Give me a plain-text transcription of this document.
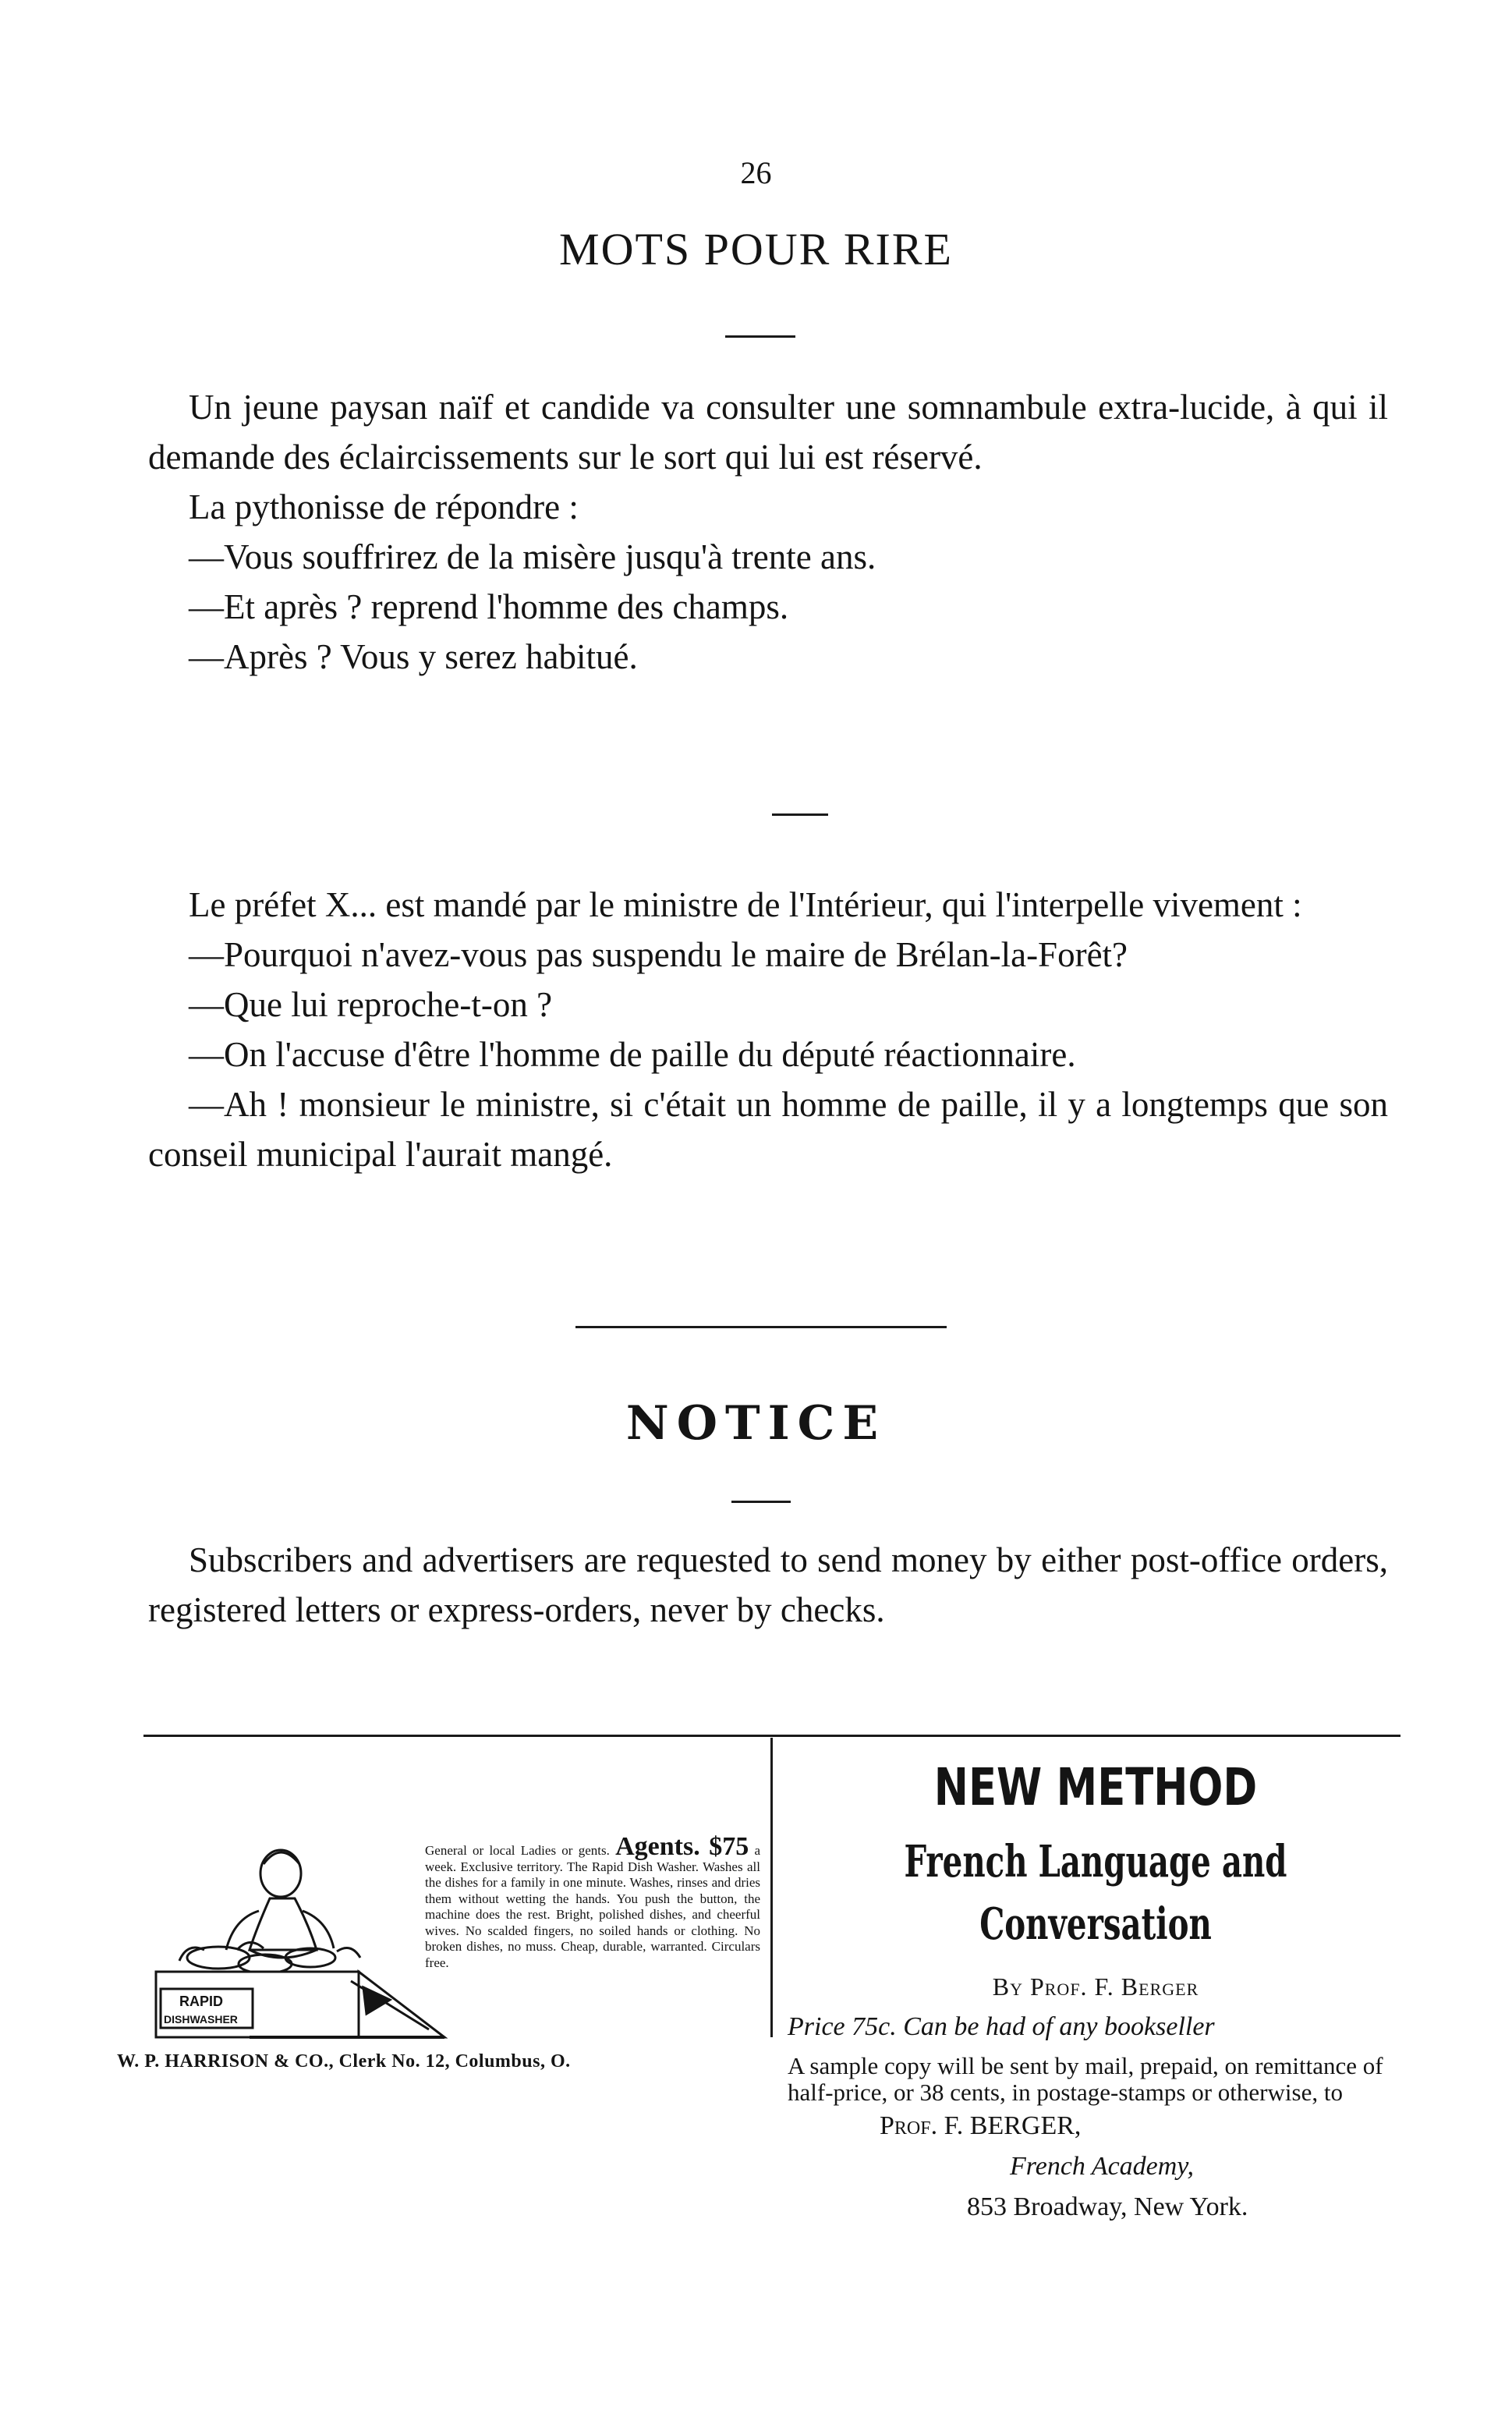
26
MOTS POUR RIRE

Un jeune paysan naïf et candide va consulter une somnambule extra-lucide, à qui il demande des éclaircissements sur le sort qui lui est réservé.

La pythonisse de répondre :

—Vous souffrirez de la misère jusqu'à trente ans.

—Et après ? reprend l'homme des champs.

—Après ? Vous y serez habitué.

Le préfet X... est mandé par le ministre de l'Intérieur, qui l'interpelle vivement :

—Pourquoi n'avez-vous pas suspendu le maire de Brélan-la-Forêt?

—Que lui reproche-t-on ?

—On l'accuse d'être l'homme de paille du député réactionnaire.

—Ah ! monsieur le ministre, si c'était un homme de paille, il y a longtemps que son conseil municipal l'aurait mangé.

NOTICE

Subscribers and advertisers are requested to send money by either post-office orders, registered letters or express-orders, never by checks.

RAPID
DISHWASHER
General or local Ladies or gents. Agents. $75 a week. Exclusive territory. The Rapid Dish Washer. Washes all the dishes for a family in one minute. Washes, rinses and dries them without wetting the hands. You push the button, the machine does the rest. Bright, polished dishes, and cheerful wives. No scalded fingers, no soiled hands or clothing. No broken dishes, no muss. Cheap, durable, warranted. Circulars free.
W. P. HARRISON & CO., Clerk No. 12, Columbus, O.
NEW METHOD
French Language and Conversation
By Prof. F. Berger
Price 75c. Can be had of any bookseller
A sample copy will be sent by mail, prepaid, on remittance of half-price, or 38 cents, in postage-stamps or otherwise, to
Prof. F. BERGER,
French Academy,
853 Broadway, New York.
